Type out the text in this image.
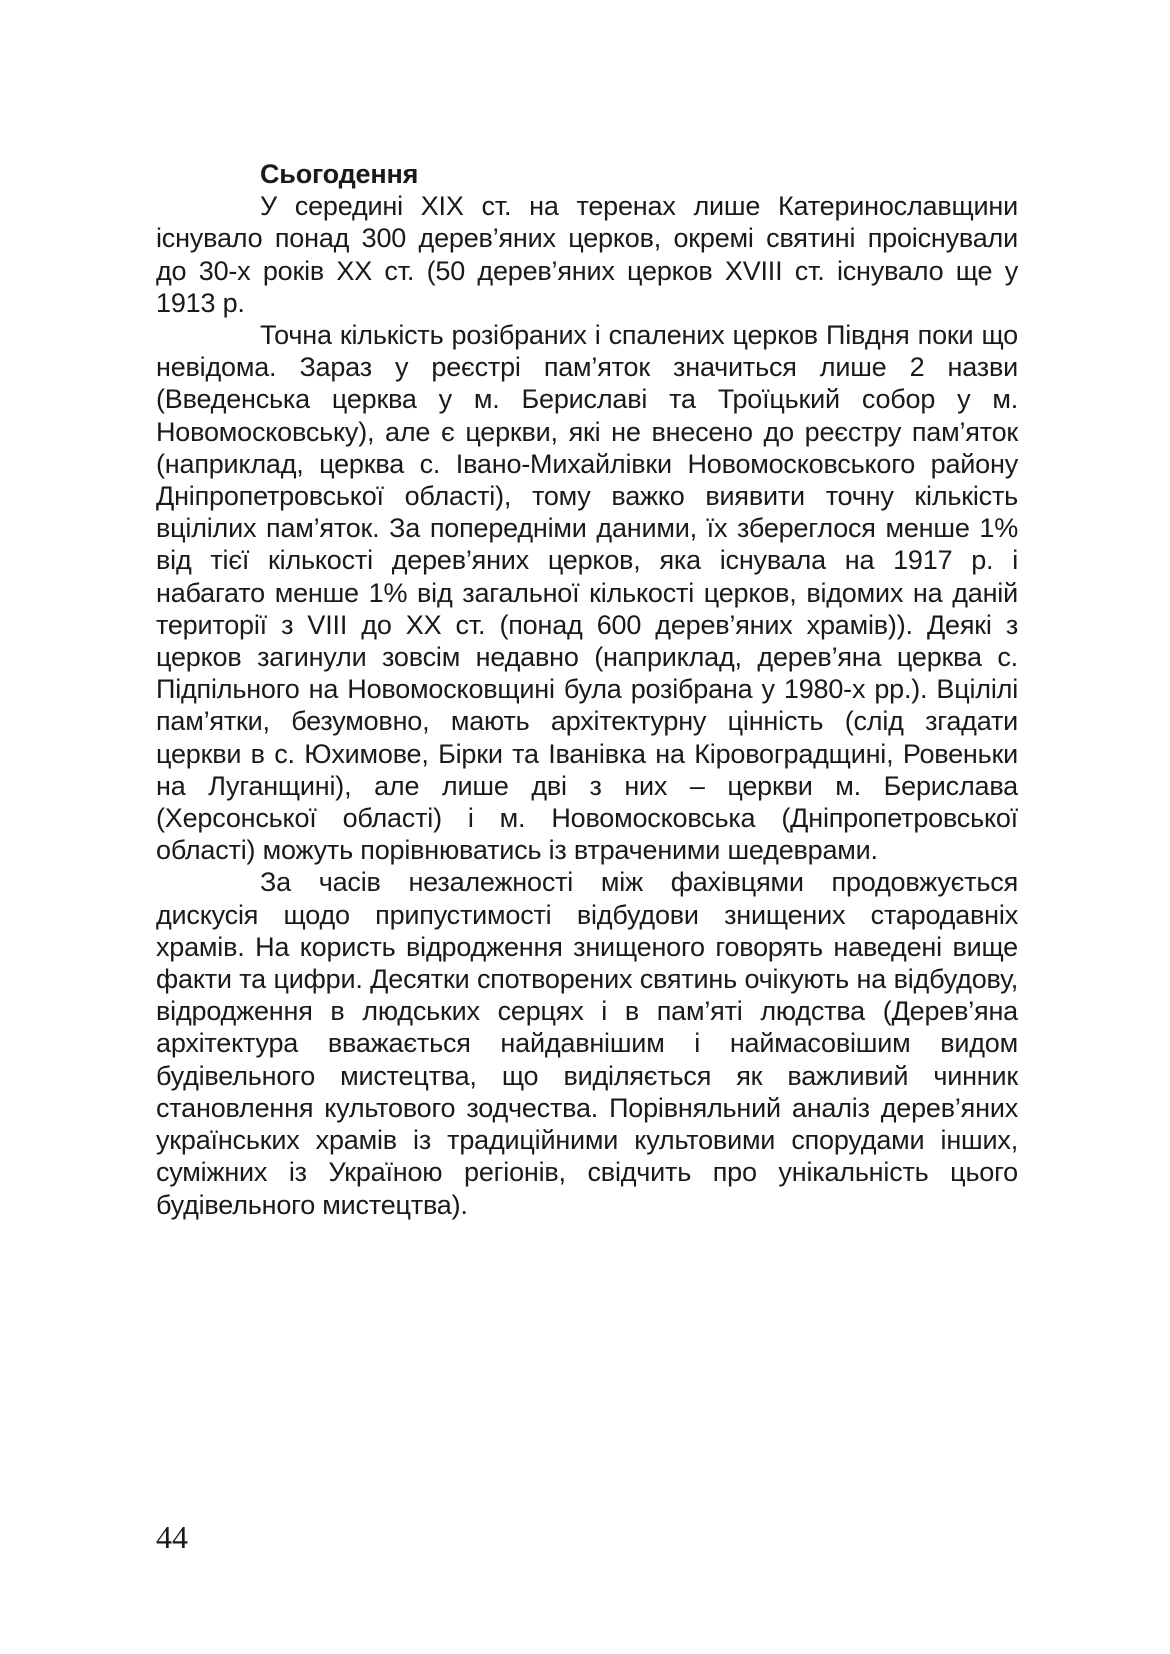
Сьогодення

У середині ХІХ ст. на теренах лише Катеринославщини існувало понад 300 дерев’яних церков, окремі святині проіснували до 30-х років ХХ ст. (50 дерев’яних церков XVIII ст. існувало ще у 1913 р.

Точна кількість розібраних і спалених церков Півдня поки що невідома. Зараз у реєстрі пам’яток значиться лише 2 назви (Введенська церква у м. Бериславі та Троїцький собор у м. Новомосковську), але є церкви, які не внесено до реєстру пам’яток (наприклад, церква с. Івано-Михайлівки Новомосковського району Дніпропетровської області), тому важко виявити точну кількість вцілілих пам’яток. За попередніми даними, їх збереглося менше 1% від тієї кількості дерев’яних церков, яка існувала на 1917 р. і набагато менше 1% від загальної кількості церков, відомих на даній території з VIII до ХХ ст. (понад 600 дерев’яних храмів)). Деякі з церков загинули зовсім недавно (наприклад, дерев’яна церква с. Підпільного на Новомосковщині була розібрана у 1980-х рр.). Вцілілі пам’ятки, безумовно, мають архітектурну цінність (слід згадати церкви в с. Юхимове, Бірки та Іванівка на Кіровоградщині, Ровеньки на Луганщині), але лише дві з них – церкви м. Берислава (Херсонської області) і м. Новомосковська (Дніпропетровської області) можуть порівнюватись із втраченими шедеврами.

За часів незалежності між фахівцями продовжується дискусія щодо припустимості відбудови знищених стародавніх храмів. На користь відродження знищеного говорять наведені вище факти та цифри. Десятки спотворених святинь очікують на відбудову, відродження в людських серцях і в пам’яті людства (Дерев’яна архітектура вважається найдавнішим і наймасовішим видом будівельного мистецтва, що виділяється як важливий чинник становлення культового зодчества. Порівняльний аналіз дерев’яних українських храмів із традиційними культовими спорудами інших, суміжних із Україною регіонів, свідчить про унікальність цього будівельного мистецтва).

44
